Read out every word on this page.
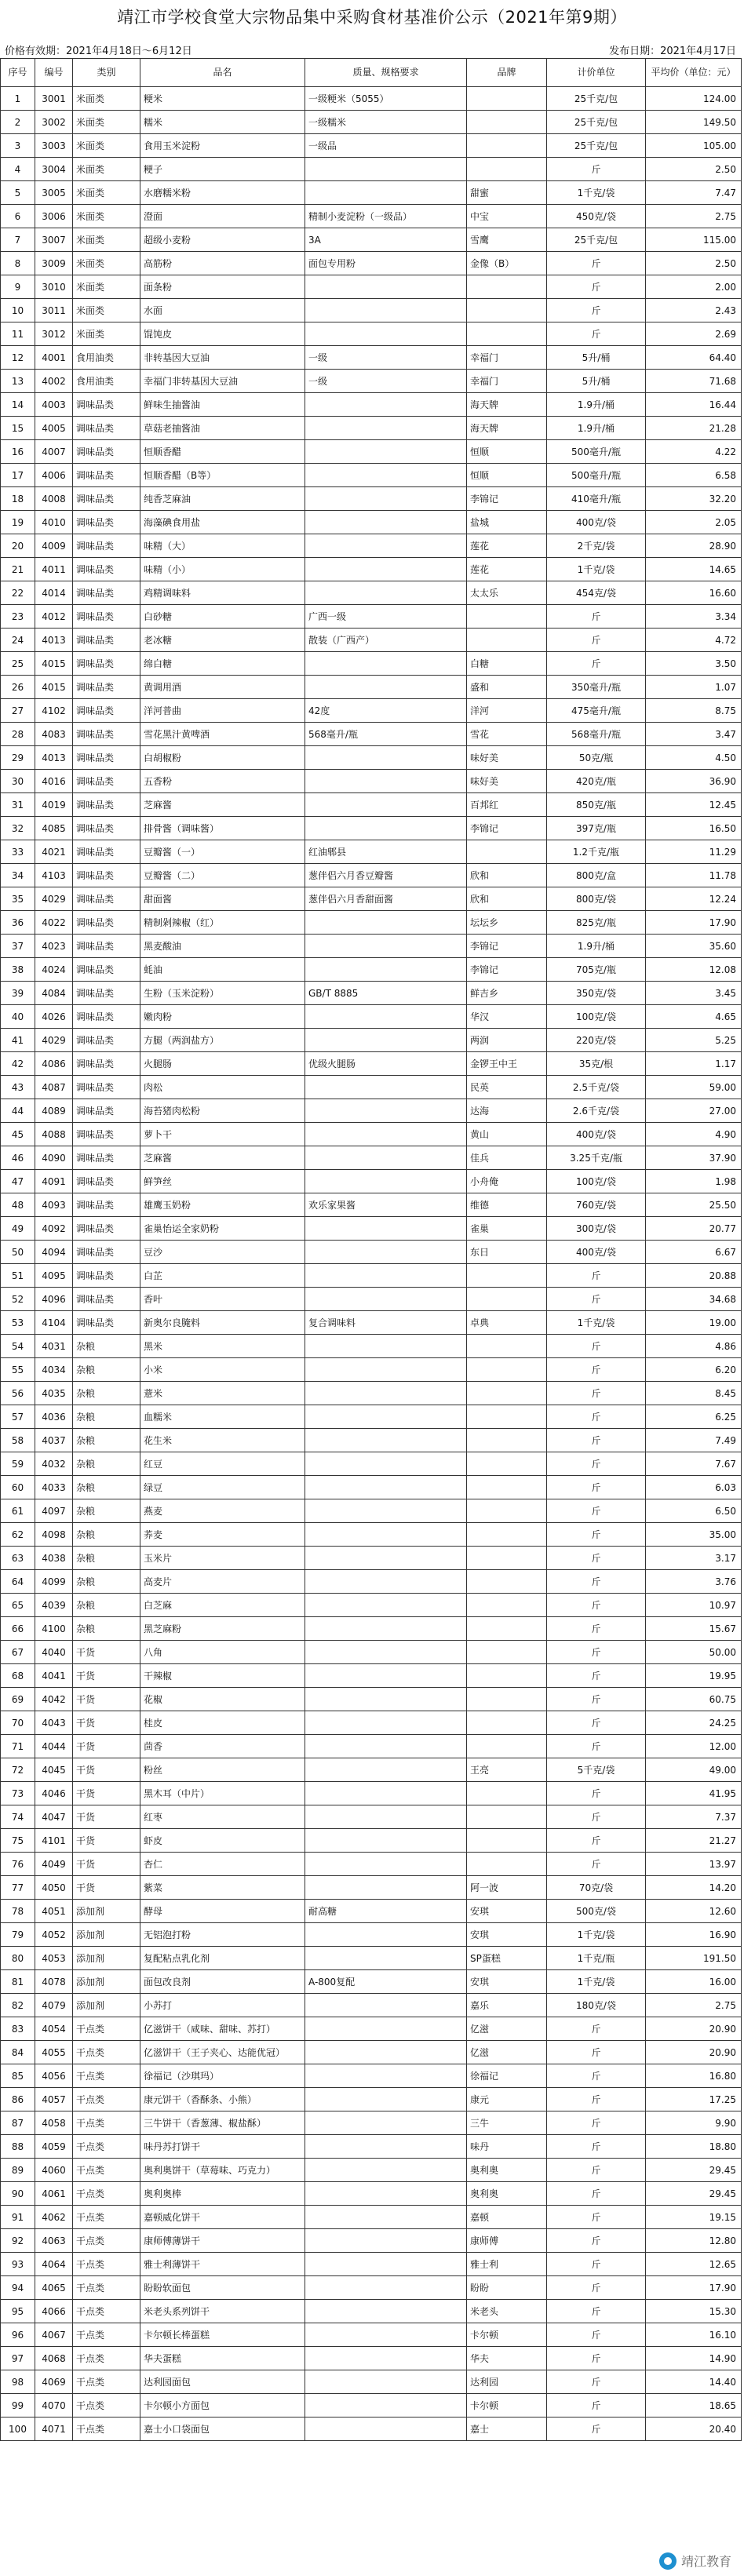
靖江市学校食堂大宗物品集中采购食材基准价公示（2021年第9期）
价格有效期：2021年4月18日～6月12日	发布日期：2021年4月17日
序号	编号	类别	品名	质量、规格要求	品牌	计价单位	平均价（单位：元）
1	3001	米面类	粳米	一级粳米（5055）		25千克/包	124.00
2	3002	米面类	糯米	一级糯米		25千克/包	149.50
3	3003	米面类	食用玉米淀粉	一级品		25千克/包	105.00
4	3004	米面类	粳子			斤	2.50
5	3005	米面类	水磨糯米粉		甜蜜	1千克/袋	7.47
6	3006	米面类	澄面	精制小麦淀粉（一级品）	中宝	450克/袋	2.75
7	3007	米面类	超级小麦粉	3A	雪鹰	25千克/包	115.00
8	3009	米面类	高筋粉	面包专用粉	金像（B）	斤	2.50
9	3010	米面类	面条粉			斤	2.00
10	3011	米面类	水面			斤	2.43
11	3012	米面类	馄饨皮			斤	2.69
12	4001	食用油类	非转基因大豆油	一级	幸福门	5升/桶	64.40
13	4002	食用油类	幸福门非转基因大豆油	一级	幸福门	5升/桶	71.68
14	4003	调味品类	鲜味生抽酱油		海天牌	1.9升/桶	16.44
15	4005	调味品类	草菇老抽酱油		海天牌	1.9升/桶	21.28
16	4007	调味品类	恒顺香醋		恒顺	500毫升/瓶	4.22
17	4006	调味品类	恒顺香醋（B等）		恒顺	500毫升/瓶	6.58
18	4008	调味品类	纯香芝麻油		李锦记	410毫升/瓶	32.20
19	4010	调味品类	海藻碘食用盐		盐城	400克/袋	2.05
20	4009	调味品类	味精（大）		莲花	2千克/袋	28.90
21	4011	调味品类	味精（小）		莲花	1千克/袋	14.65
22	4014	调味品类	鸡精调味料		太太乐	454克/袋	16.60
23	4012	调味品类	白砂糖	广西一级		斤	3.34
24	4013	调味品类	老冰糖	散装（广西产）		斤	4.72
25	4015	调味品类	绵白糖		白糖	斤	3.50
26	4015	调味品类	黄调用酒		盛和	350毫升/瓶	1.07
27	4102	调味品类	洋河普曲	42度	洋河	475毫升/瓶	8.75
28	4083	调味品类	雪花黑汁黄啤酒	568毫升/瓶	雪花	568毫升/瓶	3.47
29	4013	调味品类	白胡椒粉		味好美	50克/瓶	4.50
30	4016	调味品类	五香粉		味好美	420克/瓶	36.90
31	4019	调味品类	芝麻酱		百邦红	850克/瓶	12.45
32	4085	调味品类	排骨酱（调味酱）		李锦记	397克/瓶	16.50
33	4021	调味品类	豆瓣酱（一）	红油郫县		1.2千克/瓶	11.29
34	4103	调味品类	豆瓣酱（二）	葱伴侣六月香豆瓣酱	欣和	800克/盒	11.78
35	4029	调味品类	甜面酱	葱伴侣六月香甜面酱	欣和	800克/袋	12.24
36	4022	调味品类	精制剁辣椒（红）		坛坛乡	825克/瓶	17.90
37	4023	调味品类	黑麦酸油		李锦记	1.9升/桶	35.60
38	4024	调味品类	蚝油		李锦记	705克/瓶	12.08
39	4084	调味品类	生粉（玉米淀粉）	GB/T 8885	鲜吉乡	350克/袋	3.45
40	4026	调味品类	嫩肉粉		华汉	100克/袋	4.65
41	4029	调味品类	方腿（两润盐方）		两润	220克/袋	5.25
42	4086	调味品类	火腿肠	优级火腿肠	金锣王中王	35克/根	1.17
43	4087	调味品类	肉松		民英	2.5千克/袋	59.00
44	4089	调味品类	海苔猪肉松粉		达海	2.6千克/袋	27.00
45	4088	调味品类	萝卜干		黄山	400克/袋	4.90
46	4090	调味品类	芝麻酱		佳兵	3.25千克/瓶	37.90
47	4091	调味品类	鲜笋丝		小舟俺	100克/袋	1.98
48	4093	调味品类	雄鹰玉奶粉	欢乐家果酱	维德	760克/袋	25.50
49	4092	调味品类	雀巢怡运全家奶粉		雀巢	300克/袋	20.77
50	4094	调味品类	豆沙		东日	400克/袋	6.67
51	4095	调味品类	白芷			斤	20.88
52	4096	调味品类	香叶			斤	34.68
53	4104	调味品类	新奥尔良腌料	复合调味料	卓典	1千克/袋	19.00
54	4031	杂粮	黑米			斤	4.86
55	4034	杂粮	小米			斤	6.20
56	4035	杂粮	薏米			斤	8.45
57	4036	杂粮	血糯米			斤	6.25
58	4037	杂粮	花生米			斤	7.49
59	4032	杂粮	红豆			斤	7.67
60	4033	杂粮	绿豆			斤	6.03
61	4097	杂粮	燕麦			斤	6.50
62	4098	杂粮	荞麦			斤	35.00
63	4038	杂粮	玉米片			斤	3.17
64	4099	杂粮	高麦片			斤	3.76
65	4039	杂粮	白芝麻			斤	10.97
66	4100	杂粮	黑芝麻粉			斤	15.67
67	4040	干货	八角			斤	50.00
68	4041	干货	干辣椒			斤	19.95
69	4042	干货	花椒			斤	60.75
70	4043	干货	桂皮			斤	24.25
71	4044	干货	茴香			斤	12.00
72	4045	干货	粉丝		王亮	5千克/袋	49.00
73	4046	干货	黑木耳（中片）			斤	41.95
74	4047	干货	红枣			斤	7.37
75	4101	干货	虾皮			斤	21.27
76	4049	干货	杏仁			斤	13.97
77	4050	干货	紫菜		阿一波	70克/袋	14.20
78	4051	添加剂	酵母	耐高糖	安琪	500克/袋	12.60
79	4052	添加剂	无铝泡打粉		安琪	1千克/袋	16.90
80	4053	添加剂	复配粘点乳化剂		SP蛋糕	1千克/瓶	191.50
81	4078	添加剂	面包改良剂	A-800复配	安琪	1千克/袋	16.00
82	4079	添加剂	小苏打		嘉乐	180克/袋	2.75
83	4054	干点类	亿滋饼干（咸味、甜味、苏打）		亿滋	斤	20.90
84	4055	干点类	亿滋饼干（王子夹心、达能优冠）		亿滋	斤	20.90
85	4056	干点类	徐福记（沙琪玛）		徐福记	斤	16.80
86	4057	干点类	康元饼干（香酥条、小熊）		康元	斤	17.25
87	4058	干点类	三牛饼干（香葱薄、椒盐酥）		三牛	斤	9.90
88	4059	干点类	味丹苏打饼干		味丹	斤	18.80
89	4060	干点类	奥利奥饼干（草莓味、巧克力）		奥利奥	斤	29.45
90	4061	干点类	奥利奥棒		奥利奥	斤	29.45
91	4062	干点类	嘉顿威化饼干		嘉顿	斤	19.15
92	4063	干点类	康师傅薄饼干		康师傅	斤	12.80
93	4064	干点类	雅士利薄饼干		雅士利	斤	12.65
94	4065	干点类	盼盼软面包		盼盼	斤	17.90
95	4066	干点类	米老头系列饼干		米老头	斤	15.30
96	4067	干点类	卡尔顿长棒蛋糕		卡尔顿	斤	16.10
97	4068	干点类	华夫蛋糕		华夫	斤	14.90
98	4069	干点类	达利园面包		达利园	斤	14.40
99	4070	干点类	卡尔顿小方面包		卡尔顿	斤	18.65
100	4071	干点类	嘉士小口袋面包		嘉士	斤	20.40
靖江教育
